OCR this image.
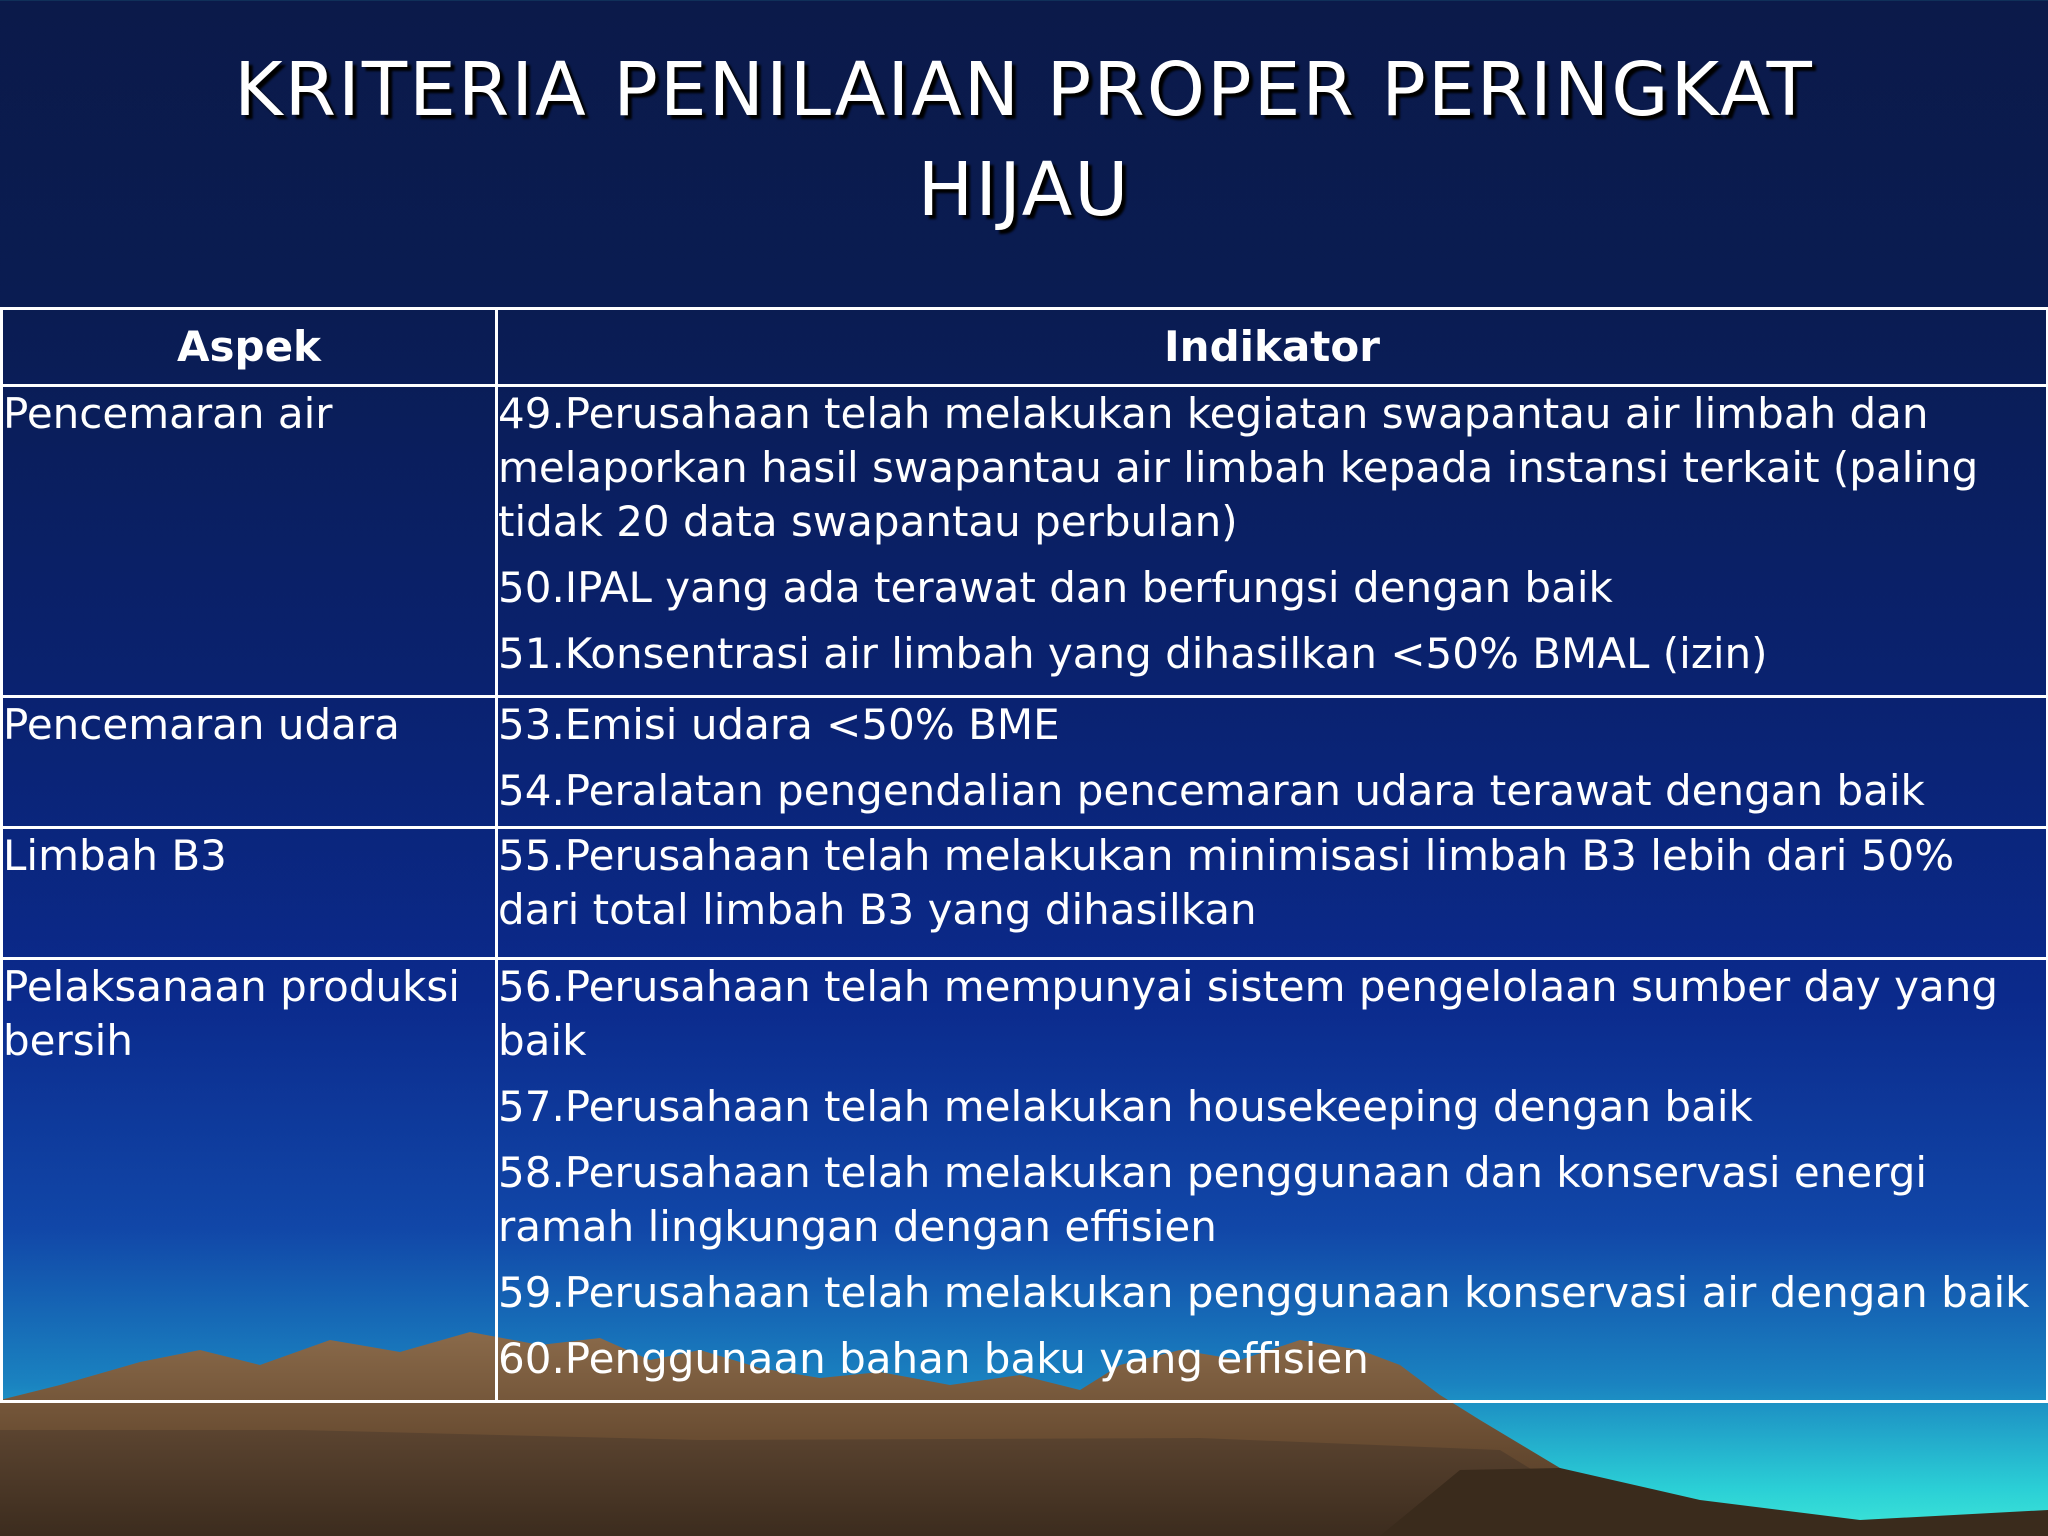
KRITERIA PENILAIAN PROPER PERINGKAT
HIJAU
Aspek	Indikator
Pencemaran air	49.Perusahaan telah melakukan kegiatan swapantau air limbah dan melaporkan hasil swapantau air limbah kepada instansi terkait (paling tidak 20 data swapantau perbulan)
50.IPAL yang ada terawat dan berfungsi dengan baik
51.Konsentrasi air limbah yang dihasilkan <50% BMAL (izin)

Pencemaran udara	53.Emisi udara <50% BME
54.Peralatan pengendalian pencemaran udara terawat dengan baik

Limbah B3	55.Perusahaan telah melakukan minimisasi limbah B3 lebih dari 50% dari total limbah B3 yang dihasilkan

Pelaksanaan produksi bersih	56.Perusahaan telah mempunyai sistem pengelolaan sumber day yang baik
57.Perusahaan telah melakukan housekeeping dengan baik
58.Perusahaan telah melakukan penggunaan dan konservasi energi ramah lingkungan dengan effisien
59.Perusahaan telah melakukan penggunaan konservasi air dengan baik
60.Penggunaan bahan baku yang effisien
